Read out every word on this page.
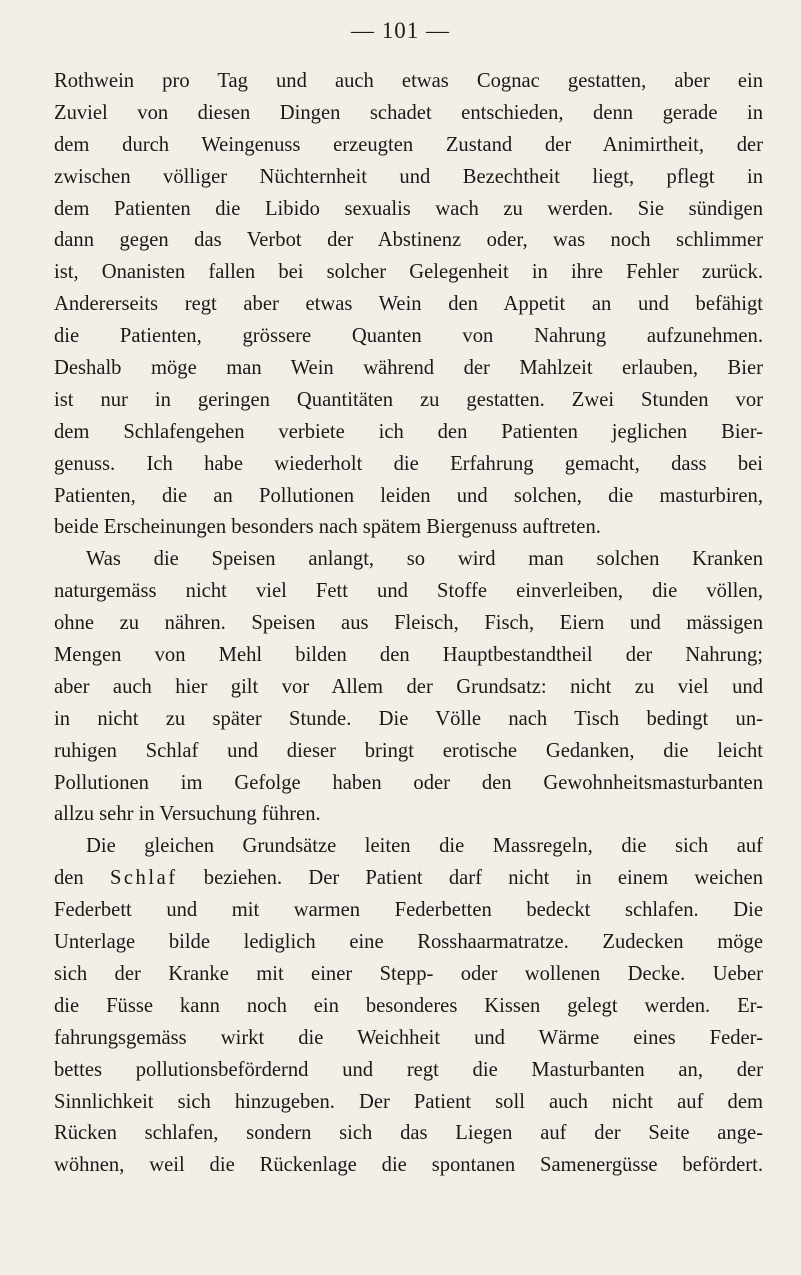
— 101 —
Rothwein pro Tag und auch etwas Cognac gestatten, aber ein
Zuviel von diesen Dingen schadet entschieden, denn gerade in
dem durch Weingenuss erzeugten Zustand der Animirtheit, der
zwischen völliger Nüchternheit und Bezechtheit liegt, pflegt in
dem Patienten die Libido sexualis wach zu werden. Sie sündigen
dann gegen das Verbot der Abstinenz oder, was noch schlimmer
ist, Onanisten fallen bei solcher Gelegenheit in ihre Fehler zurück.
Andererseits regt aber etwas Wein den Appetit an und befähigt
die Patienten, grössere Quanten von Nahrung aufzunehmen.
Deshalb möge man Wein während der Mahlzeit erlauben, Bier
ist nur in geringen Quantitäten zu gestatten. Zwei Stunden vor
dem Schlafengehen verbiete ich den Patienten jeglichen Bier-
genuss. Ich habe wiederholt die Erfahrung gemacht, dass bei
Patienten, die an Pollutionen leiden und solchen, die masturbiren,
beide Erscheinungen besonders nach spätem Biergenuss auftreten.
Was die Speisen anlangt, so wird man solchen Kranken
naturgemäss nicht viel Fett und Stoffe einverleiben, die völlen,
ohne zu nähren. Speisen aus Fleisch, Fisch, Eiern und mässigen
Mengen von Mehl bilden den Hauptbestandtheil der Nahrung;
aber auch hier gilt vor Allem der Grundsatz: nicht zu viel und
in nicht zu später Stunde. Die Völle nach Tisch bedingt un-
ruhigen Schlaf und dieser bringt erotische Gedanken, die leicht
Pollutionen im Gefolge haben oder den Gewohnheitsmasturbanten
allzu sehr in Versuchung führen.
Die gleichen Grundsätze leiten die Massregeln, die sich auf
den Schlaf beziehen. Der Patient darf nicht in einem weichen
Federbett und mit warmen Federbetten bedeckt schlafen. Die
Unterlage bilde lediglich eine Rosshaarmatratze. Zudecken möge
sich der Kranke mit einer Stepp- oder wollenen Decke. Ueber
die Füsse kann noch ein besonderes Kissen gelegt werden. Er-
fahrungsgemäss wirkt die Weichheit und Wärme eines Feder-
bettes pollutionsbefördernd und regt die Masturbanten an, der
Sinnlichkeit sich hinzugeben. Der Patient soll auch nicht auf dem
Rücken schlafen, sondern sich das Liegen auf der Seite ange-
wöhnen, weil die Rückenlage die spontanen Samenergüsse befördert.
